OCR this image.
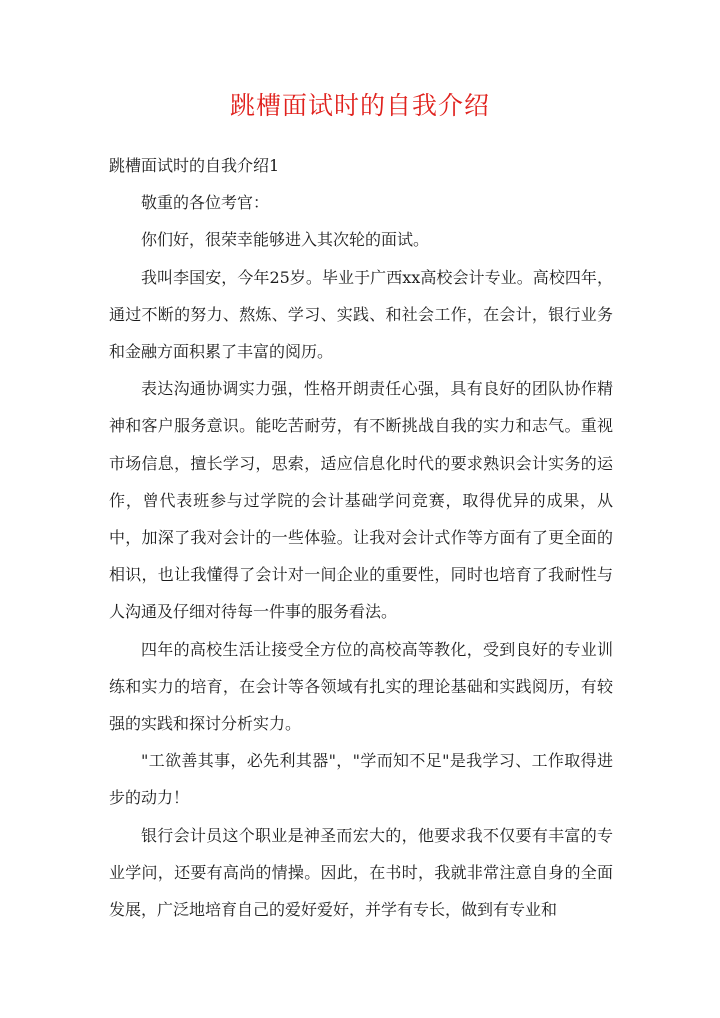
跳槽面试时的自我介绍

跳槽面试时的自我介绍1

敬重的各位考官：

你们好，很荣幸能够进入其次轮的面试。

我叫李国安，今年25岁。毕业于广西xx高校会计专业。高校四年，通过不断的努力、熬炼、学习、实践、和社会工作，在会计，银行业务和金融方面积累了丰富的阅历。

表达沟通协调实力强，性格开朗责任心强，具有良好的团队协作精神和客户服务意识。能吃苦耐劳，有不断挑战自我的实力和志气。重视市场信息，擅长学习，思索，适应信息化时代的要求熟识会计实务的运作，曾代表班参与过学院的会计基础学问竞赛，取得优异的成果，从中，加深了我对会计的一些体验。让我对会计式作等方面有了更全面的相识，也让我懂得了会计对一间企业的重要性，同时也培育了我耐性与人沟通及仔细对待每一件事的服务看法。

四年的高校生活让接受全方位的高校高等教化，受到良好的专业训练和实力的培育，在会计等各领域有扎实的理论基础和实践阅历，有较强的实践和探讨分析实力。

"工欲善其事，必先利其器"，"学而知不足"是我学习、工作取得进步的动力！

银行会计员这个职业是神圣而宏大的，他要求我不仅要有丰富的专业学问，还要有高尚的情操。因此，在书时，我就非常注意自身的全面发展，广泛地培育自己的爱好爱好，并学有专长，做到有专业和
